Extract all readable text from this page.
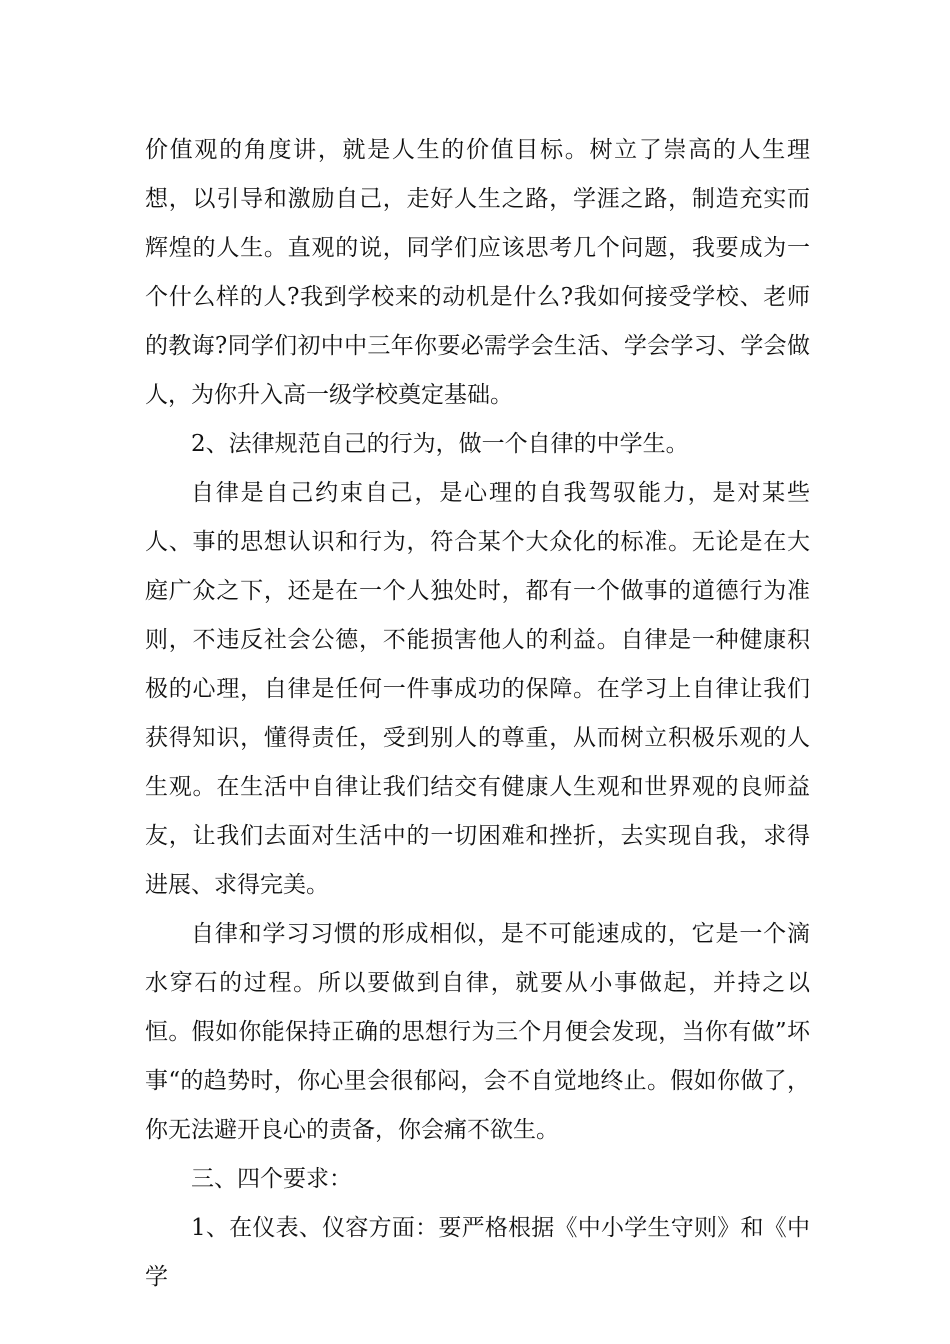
价值观的角度讲，就是人生的价值目标。树立了崇高的人生理想，以引导和激励自己，走好人生之路，学涯之路，制造充实而辉煌的人生。直观的说，同学们应该思考几个问题，我要成为一个什么样的人?我到学校来的动机是什么?我如何接受学校、老师的教诲?同学们初中中三年你要必需学会生活、学会学习、学会做人，为你升入高一级学校奠定基础。

2、法律规范自己的行为，做一个自律的中学生。

自律是自己约束自己，是心理的自我驾驭能力，是对某些人、事的思想认识和行为，符合某个大众化的标准。无论是在大庭广众之下，还是在一个人独处时，都有一个做事的道德行为准则，不违反社会公德，不能损害他人的利益。自律是一种健康积极的心理，自律是任何一件事成功的保障。在学习上自律让我们获得知识，懂得责任，受到别人的尊重，从而树立积极乐观的人生观。在生活中自律让我们结交有健康人生观和世界观的良师益友，让我们去面对生活中的一切困难和挫折，去实现自我，求得进展、求得完美。

自律和学习习惯的形成相似，是不可能速成的，它是一个滴水穿石的过程。所以要做到自律，就要从小事做起，并持之以恒。假如你能保持正确的思想行为三个月便会发现，当你有做”坏事“的趋势时，你心里会很郁闷，会不自觉地终止。假如你做了，你无法避开良心的责备，你会痛不欲生。

三、四个要求：

1、在仪表、仪容方面：要严格根据《中小学生守则》和《中学
